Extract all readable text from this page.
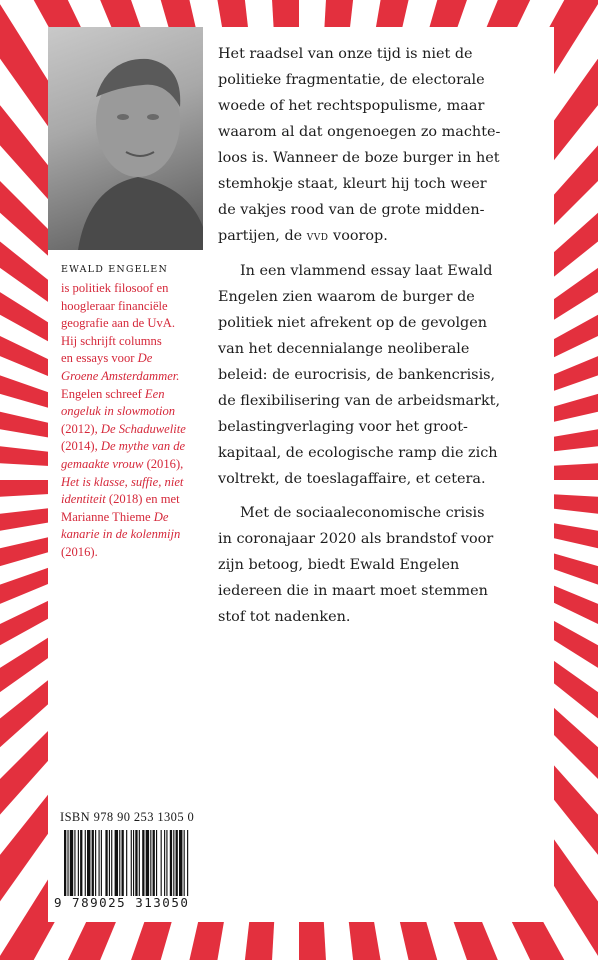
EWALD ENGELEN
is politiek filosoof en
hoogleraar financiële
geografie aan de UvA.
Hij schrijft columns
en essays voor De
Groene Amsterdammer.
Engelen schreef Een
ongeluk in slowmotion
(2012), De Schaduwelite
(2014), De mythe van de
gemaakte vrouw (2016),
Het is klasse, suffie, niet
identiteit (2018) en met
Marianne Thieme De
kanarie in de kolenmijn
(2016).

Het raadsel van onze tijd is niet de
politieke fragmentatie, de electorale
woede of het rechtspopulisme, maar
waarom al dat ongenoegen zo machte-
loos is. Wanneer de boze burger in het
stemhokje staat, kleurt hij toch weer
de vakjes rood van de grote midden-
partijen, de vvd voorop.

In een vlammend essay laat Ewald
Engelen zien waarom de burger de
politiek niet afrekent op de gevolgen
van het decennialange neoliberale
beleid: de eurocrisis, de bankencrisis,
de flexibilisering van de arbeidsmarkt,
belastingverlaging voor het groot-
kapitaal, de ecologische ramp die zich
voltrekt, de toeslagaffaire, et cetera.

Met de sociaaleconomische crisis
in coronajaar 2020 als brandstof voor
zijn betoog, biedt Ewald Engelen
iedereen die in maart moet stemmen
stof tot nadenken.

ISBN 978 90 253 1305 0
9 789025 313050
